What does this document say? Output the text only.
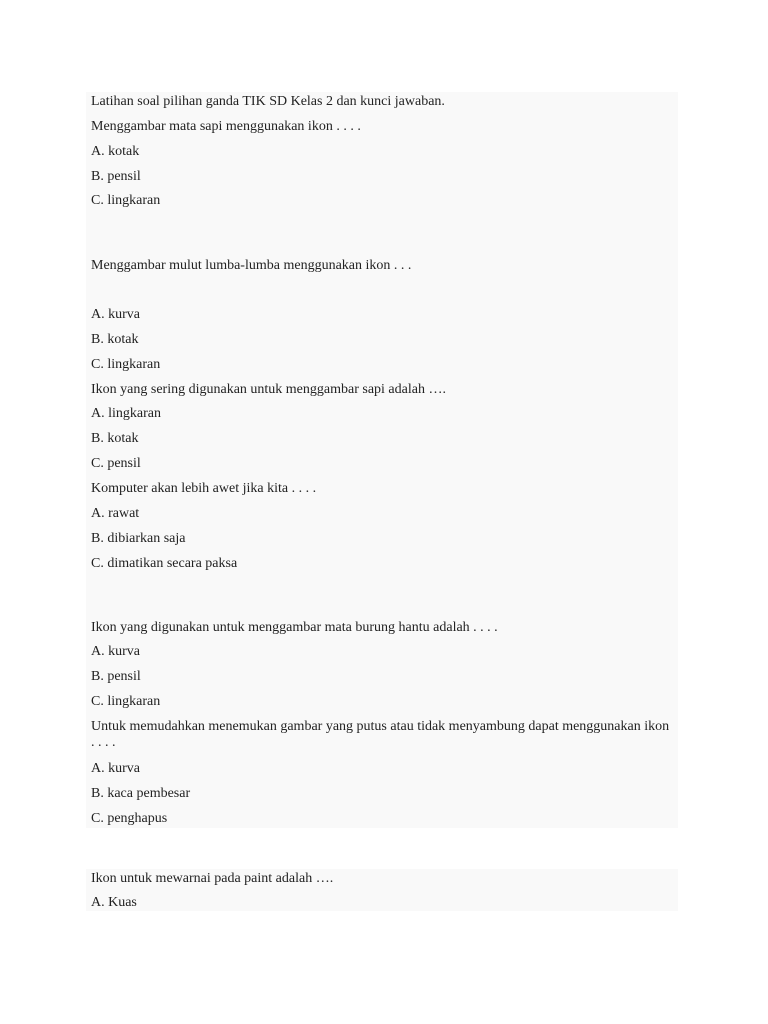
Latihan soal pilihan ganda TIK SD Kelas 2 dan kunci jawaban.
Menggambar mata sapi menggunakan ikon . . . .
A. kotak
B. pensil
C. lingkaran
Menggambar mulut lumba-lumba menggunakan ikon . . .
A. kurva
B. kotak
C. lingkaran
Ikon yang sering digunakan untuk menggambar sapi adalah ….
A. lingkaran
B. kotak
C. pensil
Komputer akan lebih awet jika kita . . . .
A. rawat
B. dibiarkan saja
C. dimatikan secara paksa
Ikon yang digunakan untuk menggambar mata burung hantu adalah . . . .
A. kurva
B. pensil
C. lingkaran
Untuk memudahkan menemukan gambar yang putus atau tidak menyambung dapat menggunakan ikon . . . .
A. kurva
B. kaca pembesar
C. penghapus
Ikon untuk mewarnai pada paint adalah ….
A. Kuas
